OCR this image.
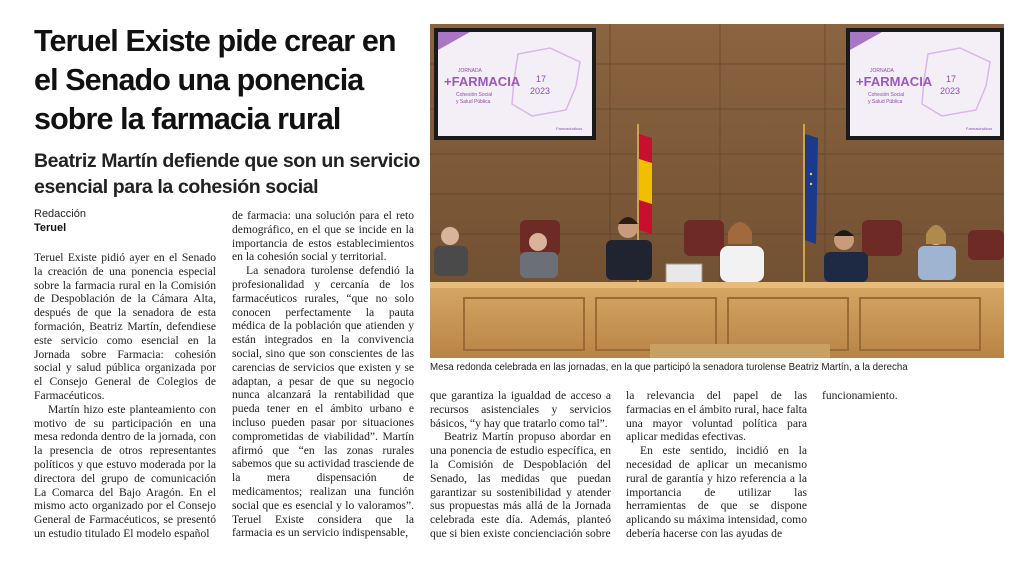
Teruel Existe pide crear en el Senado una ponencia sobre la farmacia rural
Beatriz Martín defiende que son un servicio esencial para la cohesión social
Redacción
Teruel

Teruel Existe pidió ayer en el Senado la creación de una ponencia especial sobre la farmacia rural en la Comisión de Despoblación de la Cámara Alta, después de que la senadora de esta formación, Beatriz Martín, defendiese este servicio como esencial en la Jornada sobre Farmacia: cohesión social y salud pública organizada por el Consejo General de Colegios de Farmacéuticos.

Martín hizo este planteamiento con motivo de su participación en una mesa redonda dentro de la jornada, con la presencia de otros representantes políticos y que estuvo moderada por la directora del grupo de comunicación La Comarca del Bajo Aragón. En el mismo acto organizado por el Consejo General de Farmacéuticos, se presentó un estudio titulado El modelo español

de farmacia: una solución para el reto demográfico, en el que se incide en la importancia de estos establecimientos en la cohesión social y territorial.

La senadora turolense defendió la profesionalidad y cercanía de los farmacéuticos rurales, “que no solo conocen perfectamente la pauta médica de la población que atienden y están integrados en la convivencia social, sino que son conscientes de las carencias de servicios que existen y se adaptan, a pesar de que su negocio nunca alcanzará la rentabilidad que pueda tener en el ámbito urbano e incluso pueden pasar por situaciones comprometidas de viabilidad”. Martín afirmó que “en las zonas rurales sabemos que su actividad trasciende de la mera dispensación de medicamentos; realizan una función social que es esencial y lo valoramos”. Teruel Existe considera que la farmacia es un servicio indispensable,

que garantiza la igualdad de acceso a recursos asistenciales y servicios básicos, “y hay que tratarlo como tal”.

Beatriz Martín propuso abordar en una ponencia de estudio específica, en la Comisión de Despoblación del Senado, las medidas que puedan garantizar su sostenibilidad y atender sus propuestas más allá de la Jornada celebrada este día. Además, planteó que si bien existe concienciación sobre

la relevancia del papel de las farmacias en el ámbito rural, hace falta una mayor voluntad política para aplicar medidas efectivas.

En este sentido, incidió en la necesidad de aplicar un mecanismo rural de garantía y hizo referencia a la importancia de utilizar las herramientas de que se dispone aplicando su máxima intensidad, como debería hacerse con las ayudas de

funcionamiento.

17
2023
JORNADA
+FARMACIA
Cohesión Social
y Salud Pública
Farmacéuticos
17
2023
JORNADA
+FARMACIA
Cohesión Social
y Salud Pública
Farmacéuticos
Mesa redonda celebrada en las jornadas, en la que participó la senadora turolense Beatriz Martín, a la derecha
